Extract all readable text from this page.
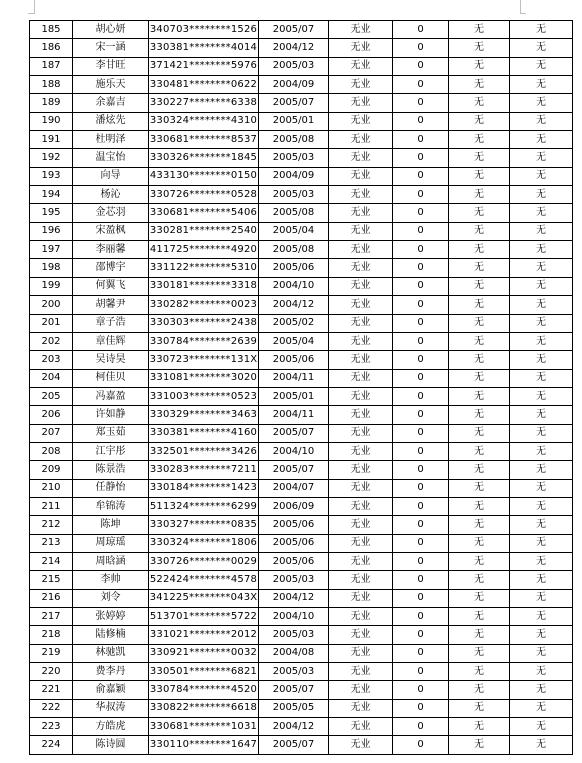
185	胡心妍	340703********1526	2005/07	无业	0	无	无
186	宋一涵	330381********4014	2004/12	无业	0	无	无
187	李甘旺	371421********5976	2005/03	无业	0	无	无
188	施乐天	330481********0622	2004/09	无业	0	无	无
189	余嘉吉	330227********6338	2005/07	无业	0	无	无
190	潘炫先	330324********4310	2005/01	无业	0	无	无
191	杜明泽	330681********8537	2005/08	无业	0	无	无
192	温宝怡	330326********1845	2005/03	无业	0	无	无
193	向导	433130********0150	2004/09	无业	0	无	无
194	杨沁	330726********0528	2005/03	无业	0	无	无
195	金芯羽	330681********5406	2005/08	无业	0	无	无
196	宋盈枫	330281********2540	2005/04	无业	0	无	无
197	李丽馨	411725********4920	2005/08	无业	0	无	无
198	邵博宇	331122********5310	2005/06	无业	0	无	无
199	何翼飞	330181********3318	2004/10	无业	0	无	无
200	胡馨尹	330282********0023	2004/12	无业	0	无	无
201	章子浩	330303********2438	2005/02	无业	0	无	无
202	章佳辉	330784********2639	2005/04	无业	0	无	无
203	吴诗昊	330723********131X	2005/06	无业	0	无	无
204	柯佳贝	331081********3020	2004/11	无业	0	无	无
205	冯嘉盈	331003********0523	2005/01	无业	0	无	无
206	许如静	330329********3463	2004/11	无业	0	无	无
207	郑玉茹	330381********4160	2005/07	无业	0	无	无
208	江宇彤	332501********3426	2004/10	无业	0	无	无
209	陈景浩	330283********7211	2005/07	无业	0	无	无
210	任静怡	330184********1423	2004/07	无业	0	无	无
211	牟锦涛	511324********6299	2006/09	无业	0	无	无
212	陈坤	330327********0835	2005/06	无业	0	无	无
213	周琼瑶	330324********1806	2005/06	无业	0	无	无
214	周晗涵	330726********0029	2005/06	无业	0	无	无
215	李帅	522424********4578	2005/03	无业	0	无	无
216	刘令	341225********043X	2004/12	无业	0	无	无
217	张婷婷	513701********5722	2004/10	无业	0	无	无
218	陆修楠	331021********2012	2005/03	无业	0	无	无
219	林驰凯	330921********0032	2004/08	无业	0	无	无
220	费李丹	330501********6821	2005/03	无业	0	无	无
221	俞嘉颖	330784********4520	2005/07	无业	0	无	无
222	华叔涛	330822********6618	2005/05	无业	0	无	无
223	方皓虎	330681********1031	2004/12	无业	0	无	无
224	陈诗圆	330110********1647	2005/07	无业	0	无	无
